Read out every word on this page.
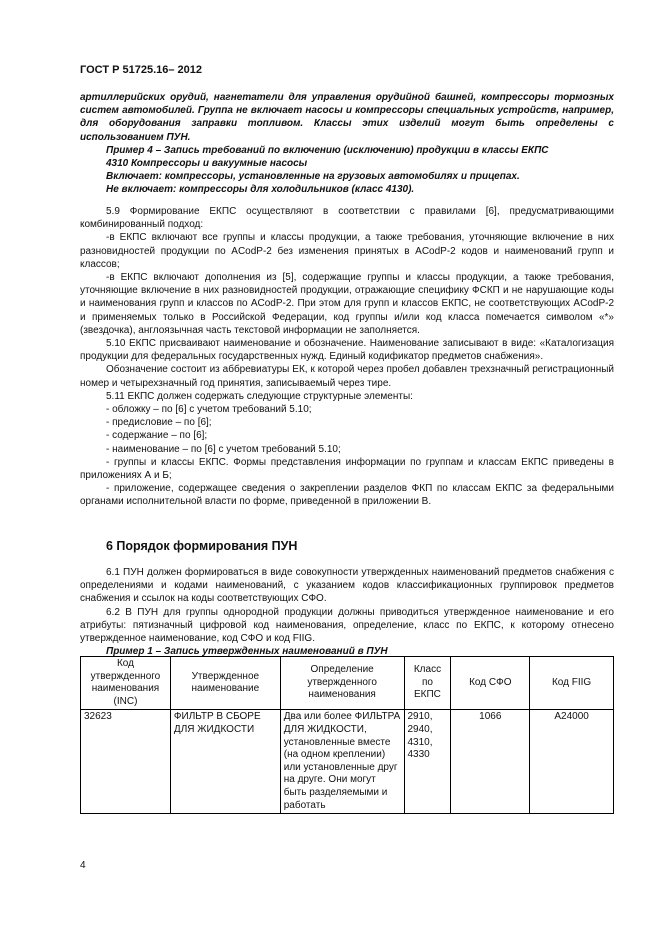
ГОСТ Р 51725.16– 2012
артиллерийских орудий, нагнетатели для управления орудийной башней, компрессоры тормозных систем автомобилей. Группа не включает насосы и компрессоры специальных устройств, например, для оборудования заправки топливом. Классы этих изделий могут быть определены с использованием ПУН.
Пример 4 – Запись требований по включению (исключению) продукции в классы ЕКПС
4310 Компрессоры и вакуумные насосы
Включает: компрессоры, установленные на грузовых автомобилях и прицепах.
Не включает: компрессоры для холодильников (класс 4130).
5.9 Формирование ЕКПС осуществляют в соответствии с правилами [6], предусматривающими комбинированный подход:
-в ЕКПС включают все группы и классы продукции, а также требования, уточняющие включение в них разновидностей продукции по ACodP-2 без изменения принятых в ACodP-2 кодов и наименований групп и классов;
-в ЕКПС включают дополнения из [5], содержащие группы и классы продукции, а также требования, уточняющие включение в них разновидностей продукции, отражающие специфику ФСКП и не нарушающие коды и наименования групп и классов по ACodP-2. При этом для групп и классов ЕКПС, не соответствующих ACodP-2 и применяемых только в Российской Федерации, код группы и/или код класса помечается символом «*» (звездочка), англоязычная часть текстовой информации не заполняется.
5.10 ЕКПС присваивают наименование и обозначение. Наименование записывают в виде: «Каталогизация продукции для федеральных государственных нужд. Единый кодификатор предметов снабжения».
Обозначение состоит из аббревиатуры ЕК, к которой через пробел добавлен трехзначный регистрационный номер и четырехзначный год принятия, записываемый через тире.
5.11 ЕКПС должен содержать следующие структурные элементы:
- обложку – по [6] с учетом требований 5.10;
- предисловие – по [6];
- содержание – по [6];
- наименование – по [6] с учетом требований 5.10;
- группы и классы ЕКПС. Формы представления информации по группам и классам ЕКПС приведены в приложениях А и Б;
- приложение, содержащее сведения о закреплении разделов ФКП по классам ЕКПС за федеральными органами исполнительной власти по форме, приведенной в приложении В.
6 Порядок формирования ПУН
6.1 ПУН должен формироваться в виде совокупности утвержденных наименований предметов снабжения с определениями и кодами наименований, с указанием кодов классификационных группировок предметов снабжения и ссылок на коды соответствующих СФО.
6.2 В ПУН для группы однородной продукции должны приводиться утвержденное наименование и его атрибуты: пятизначный цифровой код наименования, определение, класс по ЕКПС, к которому отнесено утвержденное наименование, код СФО и код FIIG.
Пример 1 – Запись утвержденных наименований в ПУН
Код утвержденного наименования (INC)	Утвержденное наименование	Определение утвержденного наименования	Класс по ЕКПС	Код СФО	Код FIIG
32623	ФИЛЬТР В СБОРЕ ДЛЯ ЖИДКОСТИ	Два или более ФИЛЬТРА ДЛЯ ЖИДКОСТИ, установленные вместе (на одном креплении) или установленные друг на друге. Они могут быть разделяемыми и работать	2910, 2940, 4310, 4330	1066	A24000
4
